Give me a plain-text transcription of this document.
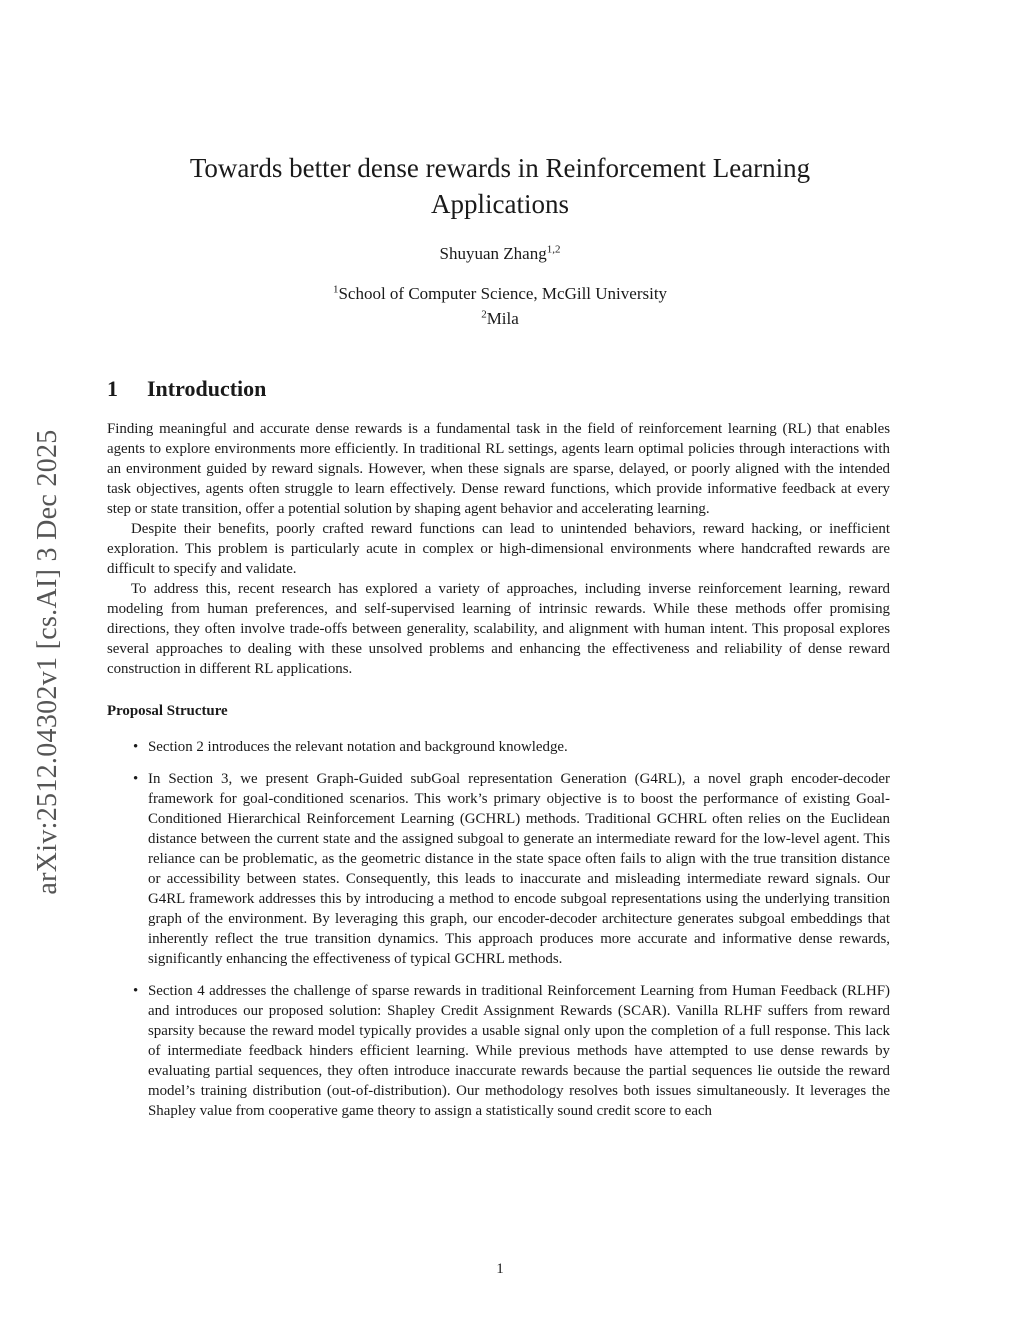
arXiv:2512.04302v1 [cs.AI] 3 Dec 2025
Towards better dense rewards in Reinforcement Learning Applications
Shuyuan Zhang$^{1,2}$
$^1$School of Computer Science, McGill University
$^2$Mila
1 Introduction

Finding meaningful and accurate dense rewards is a fundamental task in the field of reinforcement learning (RL) that enables agents to explore environments more efficiently. In traditional RL settings, agents learn optimal policies through interactions with an environment guided by reward signals. However, when these signals are sparse, delayed, or poorly aligned with the intended task objectives, agents often struggle to learn effectively. Dense reward functions, which provide informative feedback at every step or state transition, offer a potential solution by shaping agent behavior and accelerating learning.

Despite their benefits, poorly crafted reward functions can lead to unintended behaviors, reward hacking, or inefficient exploration. This problem is particularly acute in complex or high-dimensional environments where handcrafted rewards are difficult to specify and validate.

To address this, recent research has explored a variety of approaches, including inverse reinforcement learning, reward modeling from human preferences, and self-supervised learning of intrinsic rewards. While these methods offer promising directions, they often involve trade-offs between generality, scalability, and alignment with human intent. This proposal explores several approaches to dealing with these unsolved problems and enhancing the effectiveness and reliability of dense reward construction in different RL applications.

Proposal Structure

• Section 2 introduces the relevant notation and background knowledge.
• In Section 3, we present Graph-Guided subGoal representation Generation (G4RL), a novel graph encoder-decoder framework for goal-conditioned scenarios. This work’s primary objective is to boost the performance of existing Goal-Conditioned Hierarchical Reinforcement Learning (GCHRL) methods. Traditional GCHRL often relies on the Euclidean distance between the current state and the assigned subgoal to generate an intermediate reward for the low-level agent. This reliance can be problematic, as the geometric distance in the state space often fails to align with the true transition distance or accessibility between states. Consequently, this leads to inaccurate and misleading intermediate reward signals. Our G4RL framework addresses this by introducing a method to encode subgoal representations using the underlying transition graph of the environment. By leveraging this graph, our encoder-decoder architecture generates subgoal embeddings that inherently reflect the true transition dynamics. This approach produces more accurate and informative dense rewards, significantly enhancing the effectiveness of typical GCHRL methods.
• Section 4 addresses the challenge of sparse rewards in traditional Reinforcement Learning from Human Feedback (RLHF) and introduces our proposed solution: Shapley Credit Assignment Rewards (SCAR). Vanilla RLHF suffers from reward sparsity because the reward model typically provides a usable signal only upon the completion of a full response. This lack of intermediate feedback hinders efficient learning. While previous methods have attempted to use dense rewards by evaluating partial sequences, they often introduce inaccurate rewards because the partial sequences lie outside the reward model’s training distribution (out-of-distribution). Our methodology resolves both issues simultaneously. It leverages the Shapley value from cooperative game theory to assign a statistically sound credit score to each
1
